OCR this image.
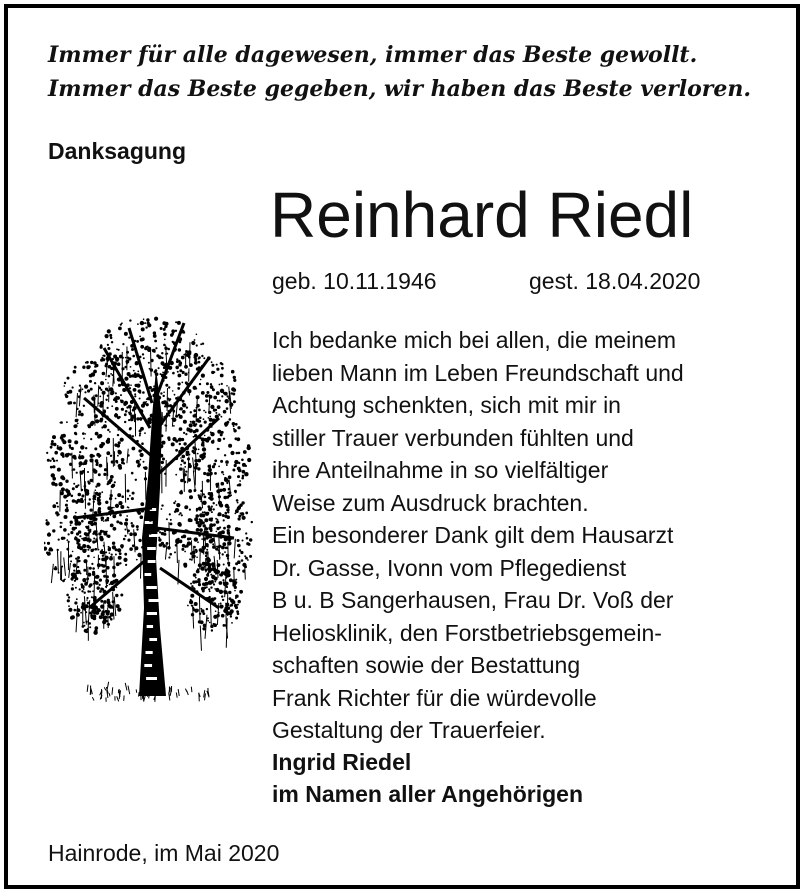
Immer für alle dagewesen, immer das Beste gewollt.
Immer das Beste gegeben, wir haben das Beste verloren.
Danksagung
Reinhard Riedl
geb. 10.11.1946	gest. 18.04.2020
Ich bedanke mich bei allen, die meinem
lieben Mann im Leben Freundschaft und
Achtung schenkten, sich mit mir in
stiller Trauer verbunden fühlten und
ihre Anteilnahme in so vielfältiger
Weise zum Ausdruck brachten.
Ein besonderer Dank gilt dem Hausarzt
Dr. Gasse, Ivonn vom Pflegedienst
B u. B Sangerhausen, Frau Dr. Voß der
Heliosklinik, den Forstbetriebsgemein-
schaften sowie der Bestattung
Frank Richter für die würdevolle
Gestaltung der Trauerfeier.
Ingrid Riedel
im Namen aller Angehörigen
Hainrode, im Mai 2020
